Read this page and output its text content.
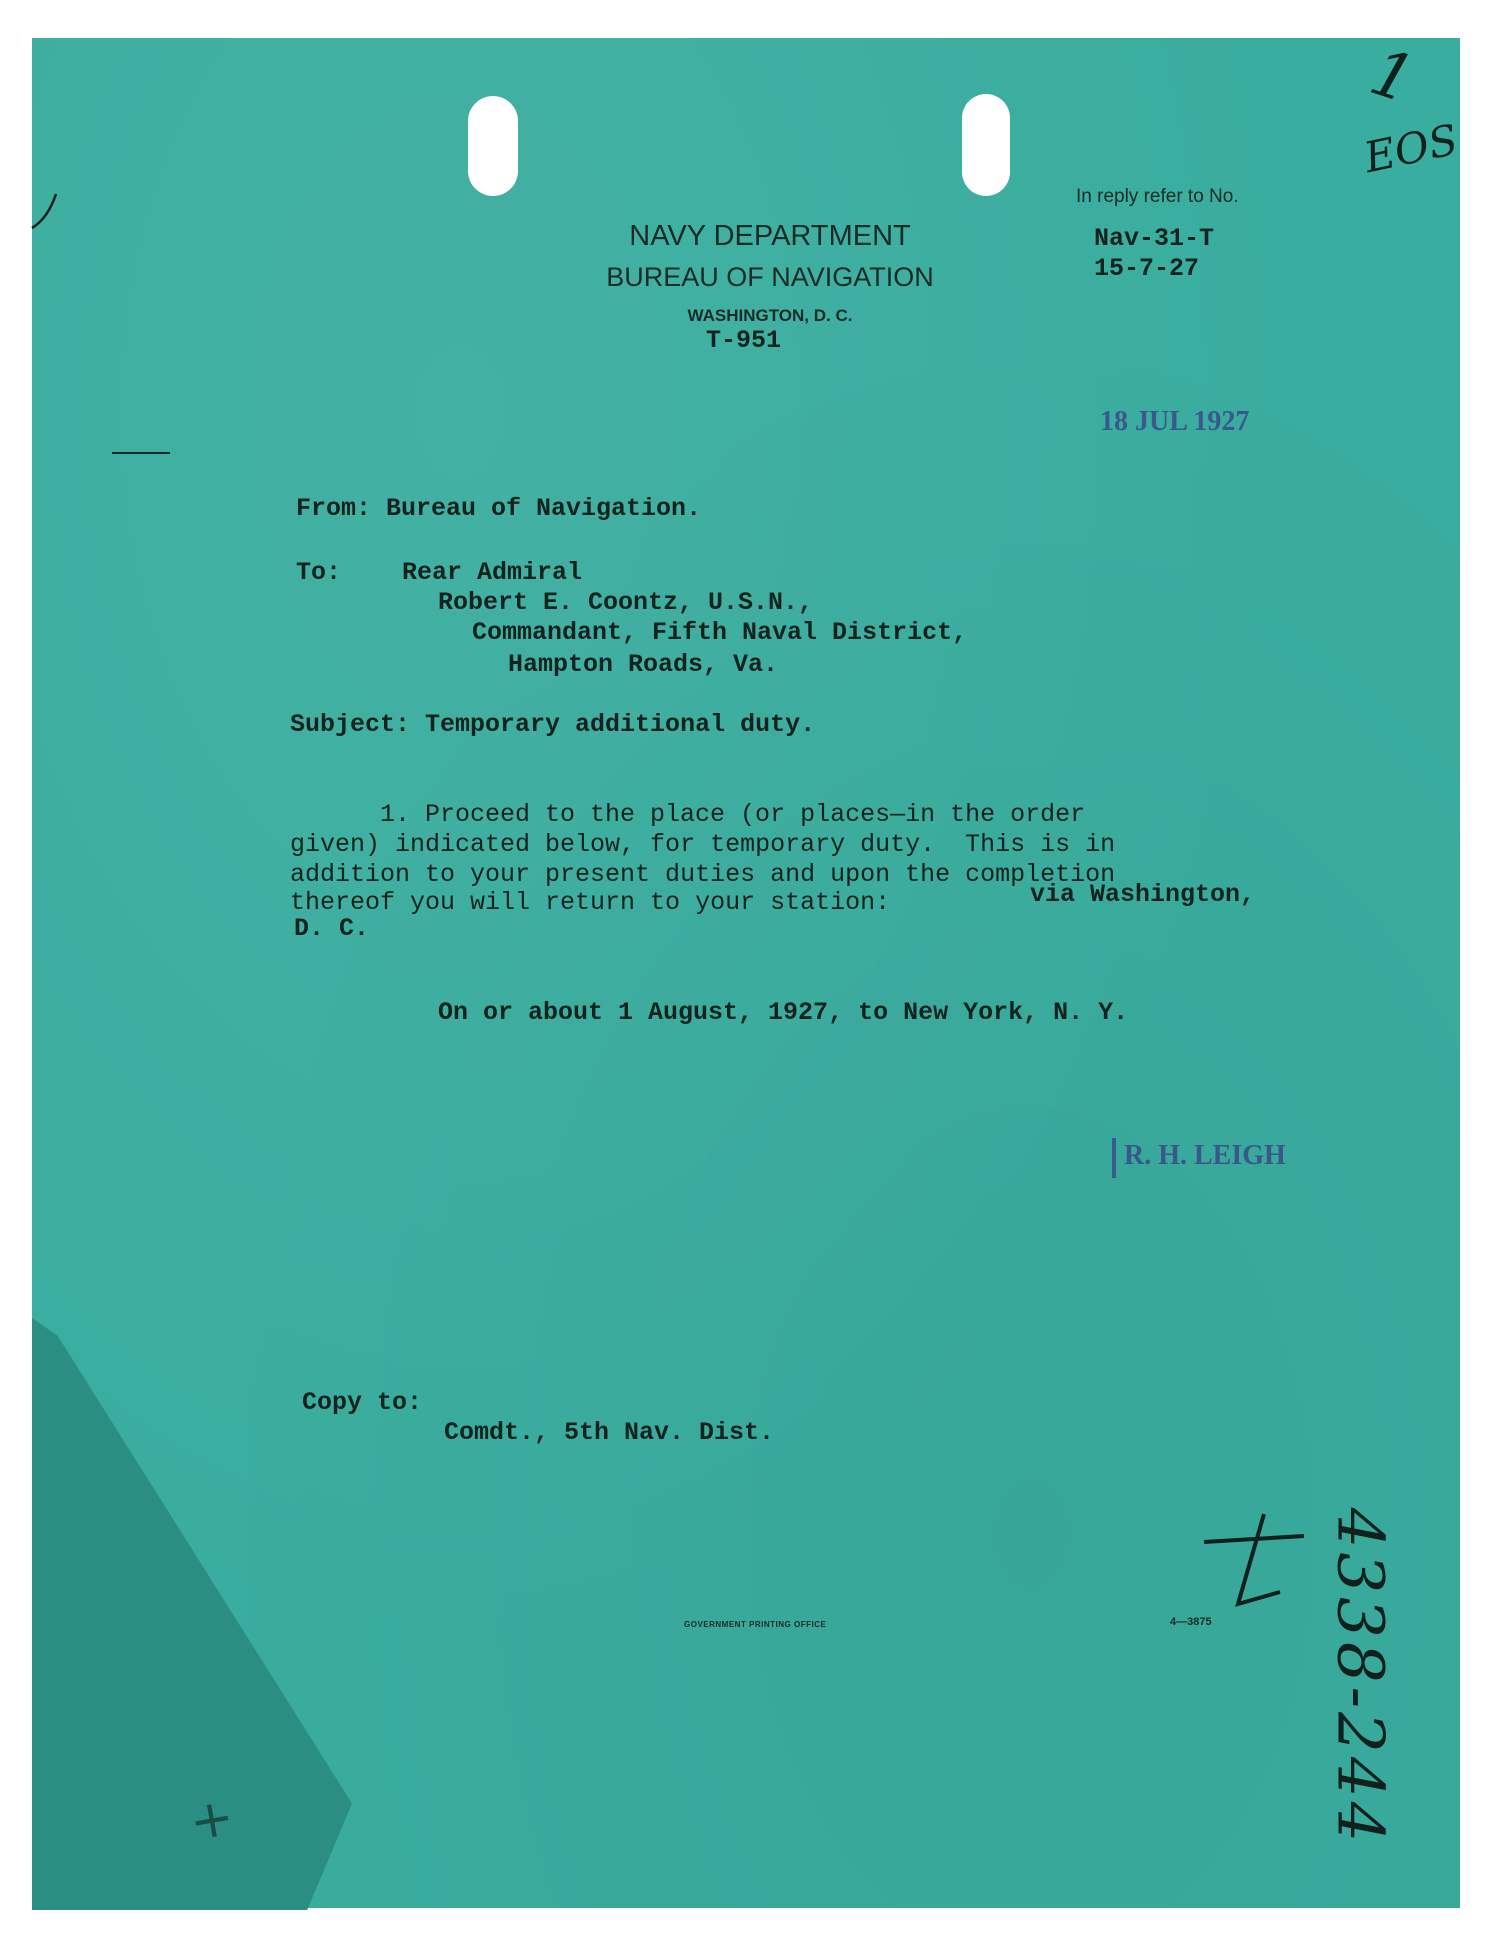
+
NAVY DEPARTMENT
BUREAU OF NAVIGATION
WASHINGTON, D. C.
T-951
In reply refer to No.
Nav-31-T
15-7-27
18 JUL 1927
From: Bureau of Navigation.
To: Rear Admiral
Robert E. Coontz, U.S.N.,
Commandant, Fifth Naval District,
Hampton Roads, Va.
Subject: Temporary additional duty.
1. Proceed to the place (or places—in the order
given) indicated below, for temporary duty.  This is in
addition to your present duties and upon the completion
thereof you will return to your station:	via Washington,
D. C.
On or about 1 August, 1927, to New York, N. Y.
R. H. LEIGH
Copy to:
Comdt., 5th Nav. Dist.
GOVERNMENT PRINTING OFFICE	4—3875
1
EOS
4338-244
